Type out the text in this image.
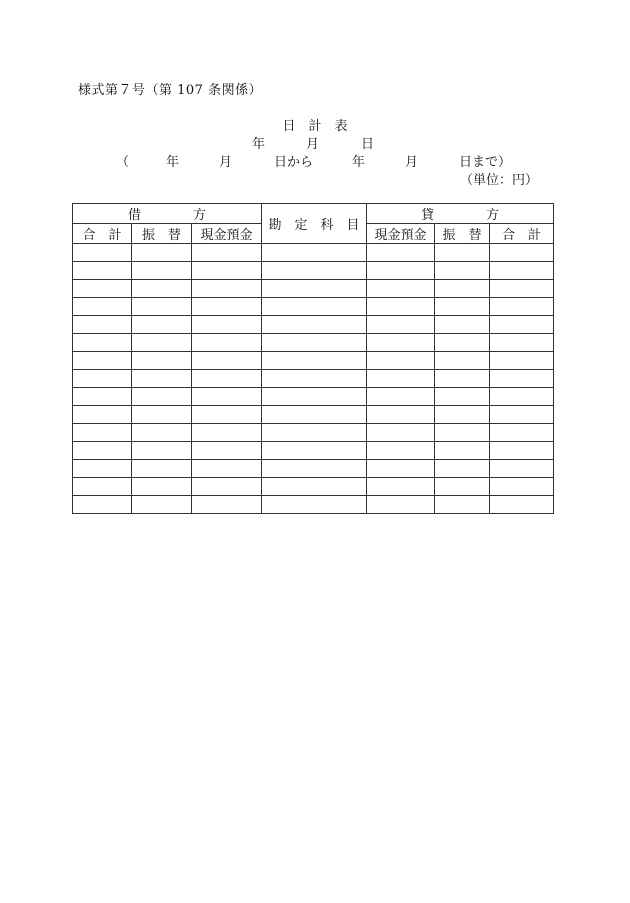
様式第７号（第 107 条関係）
日　計　表
年	月	日
（	年	月	日から	年	月	日まで）
（単位：円）
借　　　　方			勘　定　科　目	貸　　　　方		
合　計	振　替	現金預金		現金預金	振　替	合　計
